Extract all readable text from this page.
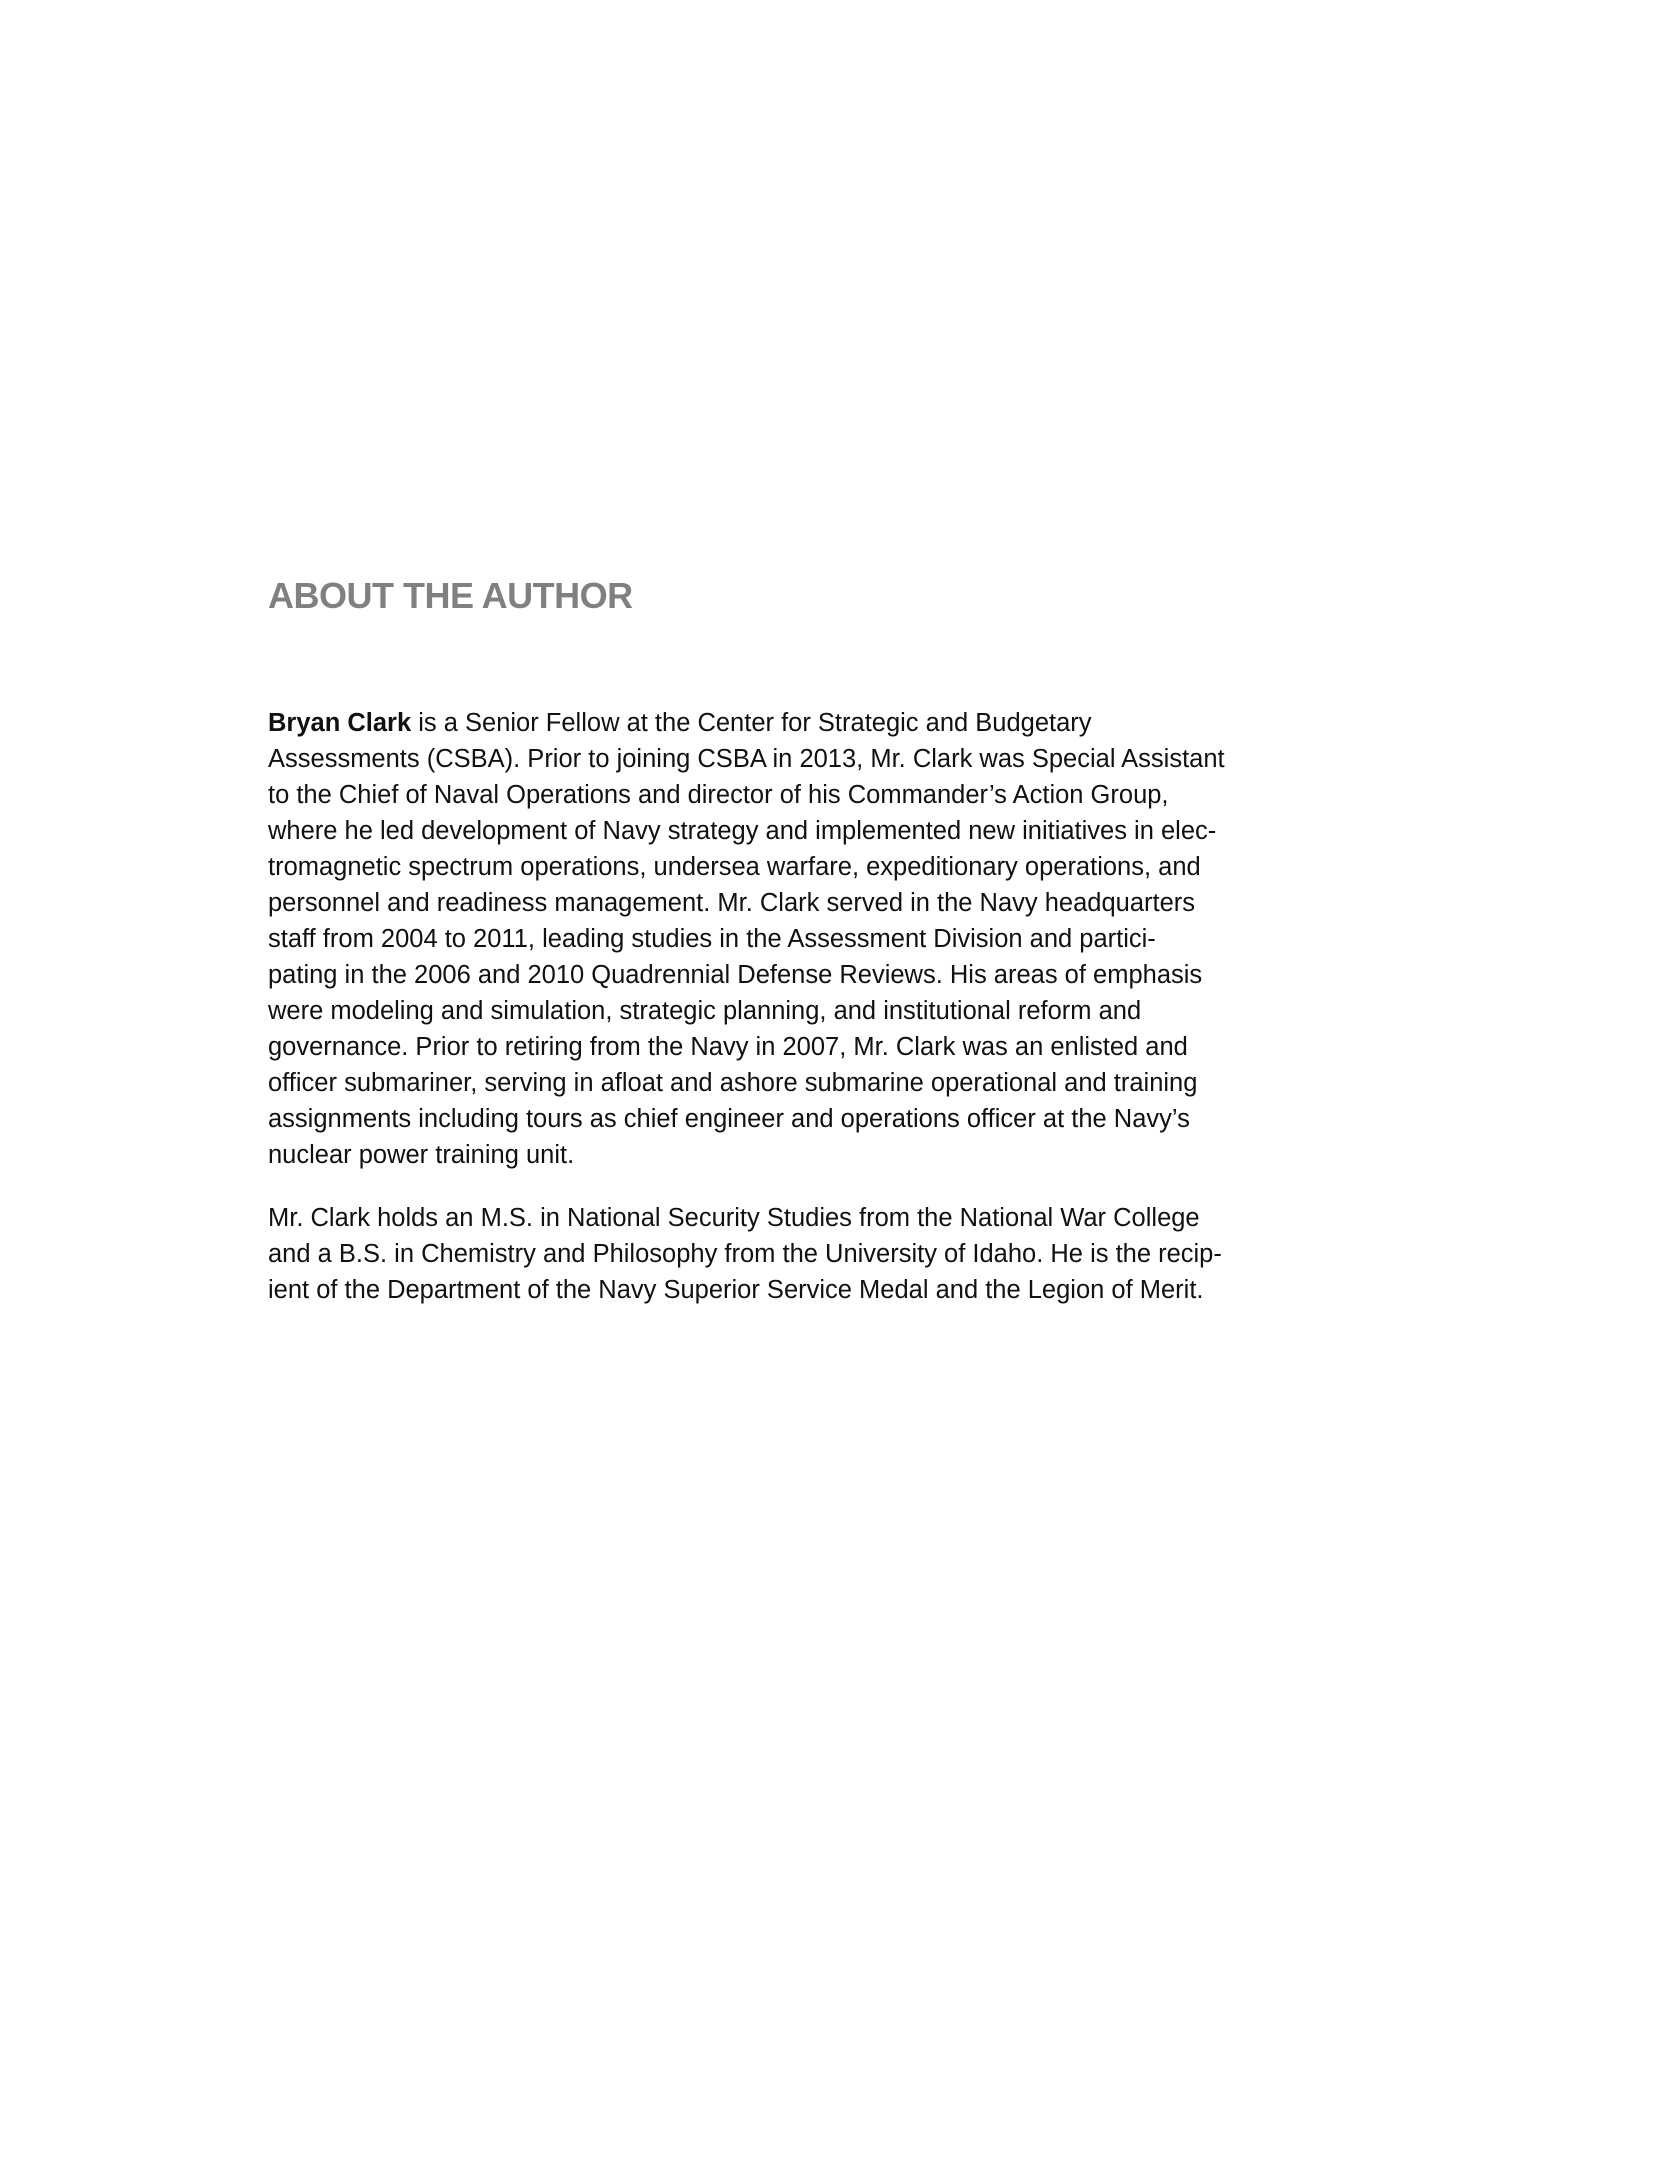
ABOUT THE AUTHOR

Bryan Clark is a Senior Fellow at the Center for Strategic and Budgetary
Assessments (CSBA). Prior to joining CSBA in 2013, Mr. Clark was Special Assistant
to the Chief of Naval Operations and director of his Commander’s Action Group,
where he led development of Navy strategy and implemented new initiatives in elec-
tromagnetic spectrum operations, undersea warfare, expeditionary operations, and
personnel and readiness management. Mr. Clark served in the Navy headquarters
staff from 2004 to 2011, leading studies in the Assessment Division and partici-
pating in the 2006 and 2010 Quadrennial Defense Reviews. His areas of emphasis
were modeling and simulation, strategic planning, and institutional reform and
governance. Prior to retiring from the Navy in 2007, Mr. Clark was an enlisted and
officer submariner, serving in afloat and ashore submarine operational and training
assignments including tours as chief engineer and operations officer at the Navy’s
nuclear power training unit.

Mr. Clark holds an M.S. in National Security Studies from the National War College
and a B.S. in Chemistry and Philosophy from the University of Idaho. He is the recip-
ient of the Department of the Navy Superior Service Medal and the Legion of Merit.
